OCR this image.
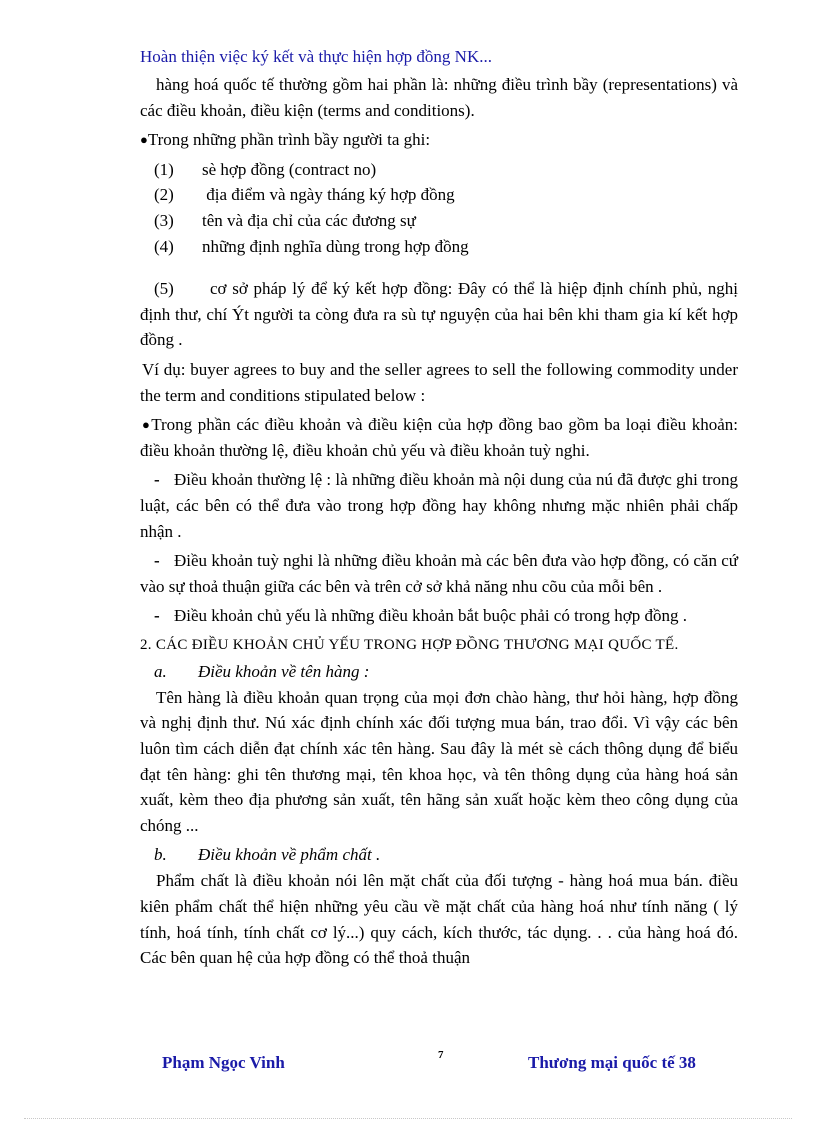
Hoàn thiện việc ký kết và thực hiện hợp đồng NK...

hàng hoá quốc tế thường gồm hai phần là: những điều trình bầy (representations) và các điều khoản, điều kiện (terms and conditions).

●Trong những phần trình bầy người ta ghi:

(1)	sè hợp đồng (contract no)
(2)	địa điểm và ngày tháng ký hợp đồng
(3)	tên và địa chỉ của các đương sự
(4)	những định nghĩa dùng trong hợp đồng

(5) cơ sở pháp lý để ký kết hợp đồng: Đây có thể là hiệp định chính phủ, nghị định thư, chí Ýt người ta còng đưa ra sù tự nguyện của hai bên khi tham gia kí kết hợp đồng .

Ví dụ: buyer agrees to buy and the seller agrees to sell the following commodity under the term and conditions stipulated below :

●Trong phần các điều khoản và điều kiện của hợp đồng bao gồm ba loại điều khoản: điều khoản thường lệ, điều khoản chủ yếu và điều khoản tuỳ nghi.

- Điều khoản thường lệ : là những điều khoản mà nội dung của nú đã được ghi trong luật, các bên có thể đưa vào trong hợp đồng hay không nhưng mặc nhiên phải chấp nhận .

- Điều khoản tuỳ nghi là những điều khoản mà các bên đưa vào hợp đồng, có căn cứ vào sự thoả thuận giữa các bên và trên cở sở khả năng nhu cõu của mỗi bên .

- Điều khoản chủ yếu là những điều khoản bắt buộc phải có trong hợp đồng .

2. CÁC ĐIỀU KHOẢN CHỦ YẾU TRONG HỢP ĐỒNG THƯƠNG MẠI QUỐC TẾ.
a. Điều khoản về tên hàng :

Tên hàng là điều khoản quan trọng của mọi đơn chào hàng, thư hỏi hàng, hợp đồng và nghị định thư. Nú xác định chính xác đối tượng mua bán, trao đổi. Vì vậy các bên luôn tìm cách diễn đạt chính xác tên hàng. Sau đây là mét sè cách thông dụng để biểu đạt tên hàng: ghi tên thương mại, tên khoa học, và tên thông dụng của hàng hoá sản xuất, kèm theo địa phương sản xuất, tên hãng sản xuất hoặc kèm theo công dụng của chóng ...

b. Điều khoản về phẩm chất .

Phẩm chất là điều khoản nói lên mặt chất của đối tượng - hàng hoá mua bán. điều kiên phẩm chất thể hiện những yêu cầu về mặt chất của hàng hoá như tính năng ( lý tính, hoá tính, tính chất cơ lý...) quy cách, kích thước, tác dụng. . . của hàng hoá đó. Các bên quan hệ của hợp đồng có thể thoả thuận

Phạm Ngọc Vinh	7	Thương mại quốc tế 38
